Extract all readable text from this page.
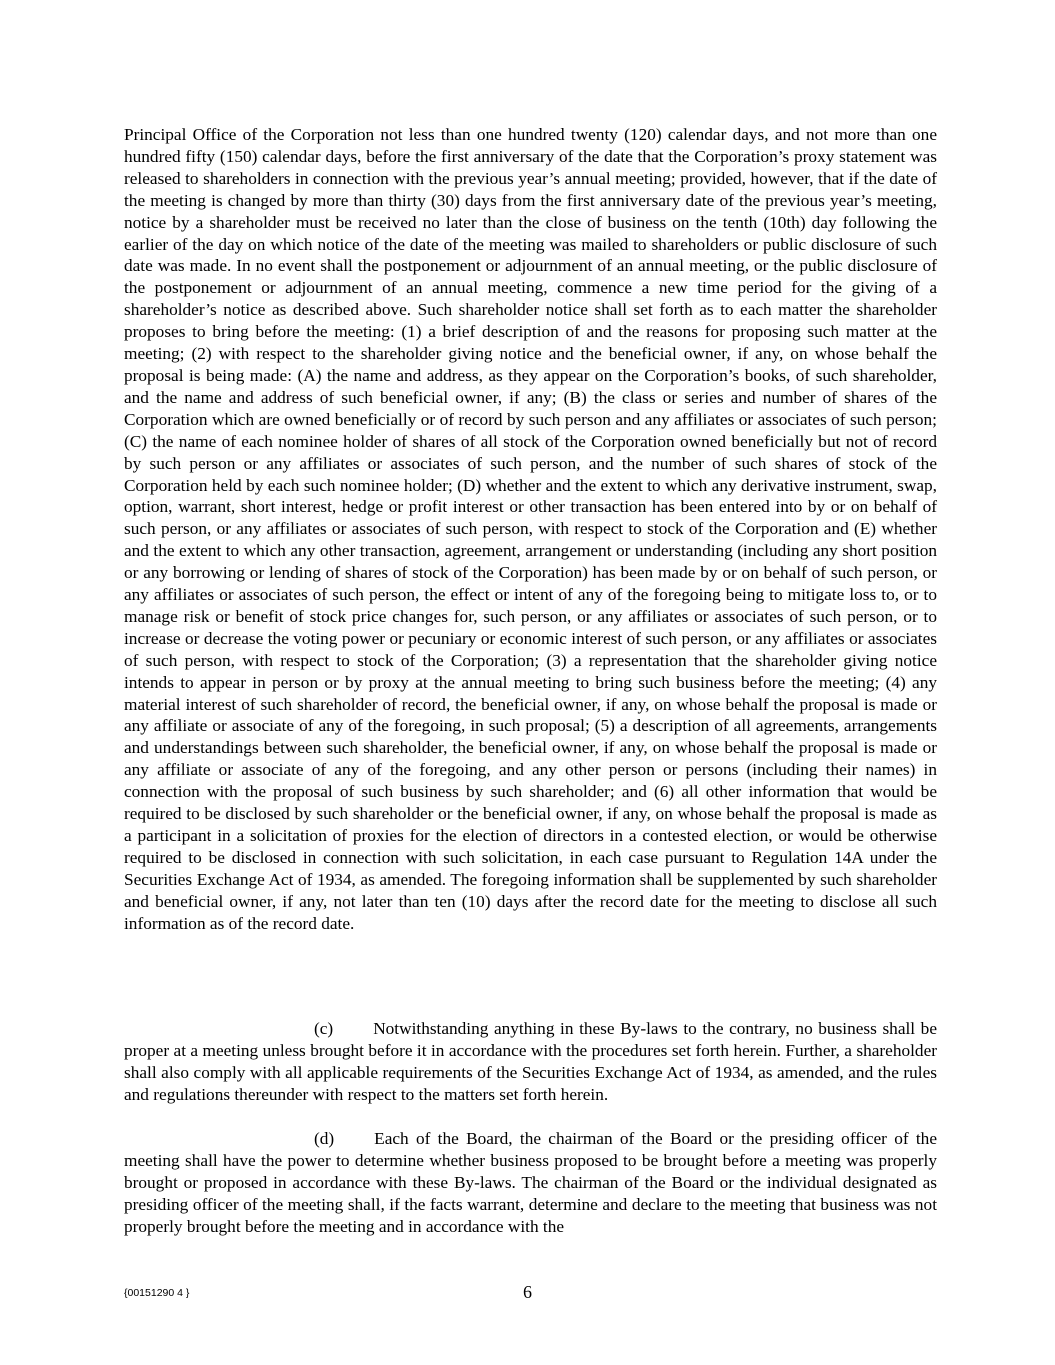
Principal Office of the Corporation not less than one hundred twenty (120) calendar days, and not more than one hundred fifty (150) calendar days, before the first anniversary of the date that the Corporation’s proxy statement was released to shareholders in connection with the previous year’s annual meeting; provided, however, that if the date of the meeting is changed by more than thirty (30) days from the first anniversary date of the previous year’s meeting, notice by a shareholder must be received no later than the close of business on the tenth (10th) day following the earlier of the day on which notice of the date of the meeting was mailed to shareholders or public disclosure of such date was made. In no event shall the postponement or adjournment of an annual meeting, or the public disclosure of the postponement or adjournment of an annual meeting, commence a new time period for the giving of a shareholder’s notice as described above. Such shareholder notice shall set forth as to each matter the shareholder proposes to bring before the meeting: (1) a brief description of and the reasons for proposing such matter at the meeting; (2) with respect to the shareholder giving notice and the beneficial owner, if any, on whose behalf the proposal is being made: (A) the name and address, as they appear on the Corporation’s books, of such shareholder, and the name and address of such beneficial owner, if any; (B) the class or series and number of shares of the Corporation which are owned beneficially or of record by such person and any affiliates or associates of such person; (C) the name of each nominee holder of shares of all stock of the Corporation owned beneficially but not of record by such person or any affiliates or associates of such person, and the number of such shares of stock of the Corporation held by each such nominee holder; (D) whether and the extent to which any derivative instrument, swap, option, warrant, short interest, hedge or profit interest or other transaction has been entered into by or on behalf of such person, or any affiliates or associates of such person, with respect to stock of the Corporation and (E) whether and the extent to which any other transaction, agreement, arrangement or understanding (including any short position or any borrowing or lending of shares of stock of the Corporation) has been made by or on behalf of such person, or any affiliates or associates of such person, the effect or intent of any of the foregoing being to mitigate loss to, or to manage risk or benefit of stock price changes for, such person, or any affiliates or associates of such person, or to increase or decrease the voting power or pecuniary or economic interest of such person, or any affiliates or associates of such person, with respect to stock of the Corporation; (3) a representation that the shareholder giving notice intends to appear in person or by proxy at the annual meeting to bring such business before the meeting; (4) any material interest of such shareholder of record, the beneficial owner, if any, on whose behalf the proposal is made or any affiliate or associate of any of the foregoing, in such proposal; (5) a description of all agreements, arrangements and understandings between such shareholder, the beneficial owner, if any, on whose behalf the proposal is made or any affiliate or associate of any of the foregoing, and any other person or persons (including their names) in connection with the proposal of such business by such shareholder; and (6) all other information that would be required to be disclosed by such shareholder or the beneficial owner, if any, on whose behalf the proposal is made as a participant in a solicitation of proxies for the election of directors in a contested election, or would be otherwise required to be disclosed in connection with such solicitation, in each case pursuant to Regulation 14A under the Securities Exchange Act of 1934, as amended. The foregoing information shall be supplemented by such shareholder and beneficial owner, if any, not later than ten (10) days after the record date for the meeting to disclose all such information as of the record date.

(c) Notwithstanding anything in these By-laws to the contrary, no business shall be proper at a meeting unless brought before it in accordance with the procedures set forth herein. Further, a shareholder shall also comply with all applicable requirements of the Securities Exchange Act of 1934, as amended, and the rules and regulations thereunder with respect to the matters set forth herein.

(d) Each of the Board, the chairman of the Board or the presiding officer of the meeting shall have the power to determine whether business proposed to be brought before a meeting was properly brought or proposed in accordance with these By-laws. The chairman of the Board or the individual designated as presiding officer of the meeting shall, if the facts warrant, determine and declare to the meeting that business was not properly brought before the meeting and in accordance with the

{00151290 4 }	6
